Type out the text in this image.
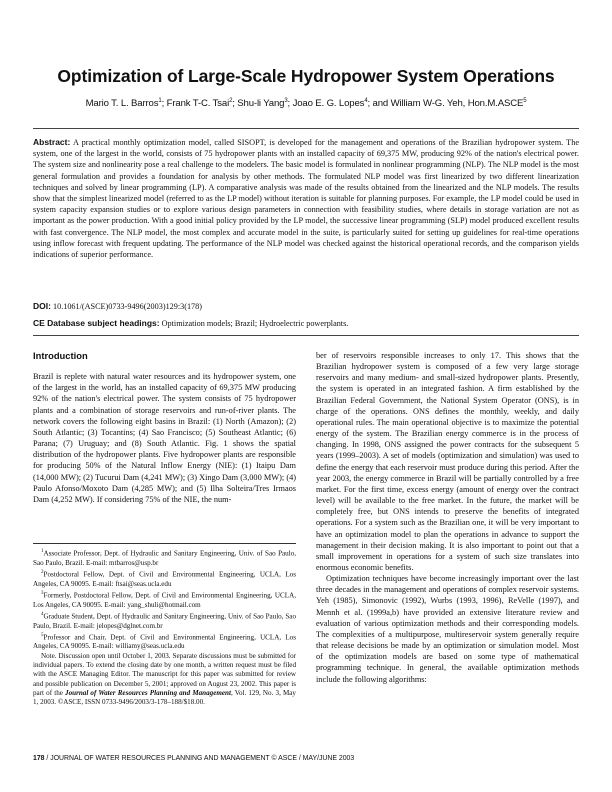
Optimization of Large-Scale Hydropower System Operations
Mario T. L. Barros$^1$; Frank T-C. Tsai$^2$; Shu-li Yang$^3$; Joao E. G. Lopes$^4$; and William W-G. Yeh, Hon.M.ASCE$^5$
Abstract: A practical monthly optimization model, called SISOPT, is developed for the management and operations of the Brazilian hydropower system. The system, one of the largest in the world, consists of 75 hydropower plants with an installed capacity of 69,375 MW, producing 92% of the nation's electrical power. The system size and nonlinearity pose a real challenge to the modelers. The basic model is formulated in nonlinear programming (NLP). The NLP model is the most general formulation and provides a foundation for analysis by other methods. The formulated NLP model was first linearized by two different linearization techniques and solved by linear programming (LP). A comparative analysis was made of the results obtained from the linearized and the NLP models. The results show that the simplest linearized model (referred to as the LP model) without iteration is suitable for planning purposes. For example, the LP model could be used in system capacity expansion studies or to explore various design parameters in connection with feasibility studies, where details in storage variation are not as important as the power production. With a good initial policy provided by the LP model, the successive linear programming (SLP) model produced excellent results with fast convergence. The NLP model, the most complex and accurate model in the suite, is particularly suited for setting up guidelines for real-time operations using inflow forecast with frequent updating. The performance of the NLP model was checked against the historical operational records, and the comparison yields indications of superior performance.
DOI: 10.1061/(ASCE)0733-9496(2003)129:3(178)
CE Database subject headings: Optimization models; Brazil; Hydroelectric powerplants.
Introduction

Brazil is replete with natural water resources and its hydropower system, one of the largest in the world, has an installed capacity of 69,375 MW producing 92% of the nation's electrical power. The system consists of 75 hydropower plants and a combination of storage reservoirs and run-of-river plants. The network covers the following eight basins in Brazil: (1) North (Amazon); (2) South Atlantic; (3) Tocantins; (4) Sao Francisco; (5) Southeast Atlantic; (6) Parana; (7) Uruguay; and (8) South Atlantic. Fig. 1 shows the spatial distribution of the hydropower plants. Five hydropower plants are responsible for producing 50% of the Natural Inflow Energy (NIE): (1) Itaipu Dam (14,000 MW); (2) Tucurui Dam (4,241 MW); (3) Xingo Dam (3,000 MW); (4) Paulo Afonso/Moxoto Dam (4,285 MW); and (5) Ilha Solteira/Tres Irmaos Dam (4,252 MW). If considering 75% of the NIE, the num-

$^1$Associate Professor, Dept. of Hydraulic and Sanitary Engineering, Univ. of Sao Paulo, Sao Paulo, Brazil. E-mail: mtbarros@usp.br

$^2$Postdoctoral Fellow, Dept. of Civil and Environmental Engineering, UCLA, Los Angeles, CA 90095. E-mail: ftsai@seas.ucla.edu

$^3$Formerly, Postdoctoral Fellow, Dept. of Civil and Environmental Engineering, UCLA, Los Angeles, CA 90095. E-mail: yang_shuli@hotmail.com

$^4$Graduate Student, Dept. of Hydraulic and Sanitary Engineering, Univ. of Sao Paulo, Sao Paulo, Brazil. E-mail: jelopes@dglnet.com.br

$^5$Professor and Chair, Dept. of Civil and Environmental Engineering, UCLA, Los Angeles, CA 90095. E-mail: williamy@seas.ucla.edu

Note. Discussion open until October 1, 2003. Separate discussions must be submitted for individual papers. To extend the closing date by one month, a written request must be filed with the ASCE Managing Editor. The manuscript for this paper was submitted for review and possible publication on December 5, 2001; approved on August 23, 2002. This paper is part of the Journal of Water Resources Planning and Management, Vol. 129, No. 3, May 1, 2003. ©ASCE, ISSN 0733-9496/2003/3-178–188/$18.00.

ber of reservoirs responsible increases to only 17. This shows that the Brazilian hydropower system is composed of a few very large storage reservoirs and many medium- and small-sized hydropower plants. Presently, the system is operated in an integrated fashion. A firm established by the Brazilian Federal Government, the National System Operator (ONS), is in charge of the operations. ONS defines the monthly, weekly, and daily operational rules. The main operational objective is to maximize the potential energy of the system. The Brazilian energy commerce is in the process of changing. In 1998, ONS assigned the power contracts for the subsequent 5 years (1999–2003). A set of models (optimization and simulation) was used to define the energy that each reservoir must produce during this period. After the year 2003, the energy commerce in Brazil will be partially controlled by a free market. For the first time, excess energy (amount of energy over the contract level) will be available to the free market. In the future, the market will be completely free, but ONS intends to preserve the benefits of integrated operations. For a system such as the Brazilian one, it will be very important to have an optimization model to plan the operations in advance to support the management in their decision making. It is also important to point out that a small improvement in operations for a system of such size translates into enormous economic benefits.

Optimization techniques have become increasingly important over the last three decades in the management and operations of complex reservoir systems. Yeh (1985), Simonovic (1992), Wurbs (1993, 1996), ReVelle (1997), and Mennh et al. (1999a,b) have provided an extensive literature review and evaluation of various optimization methods and their corresponding models. The complexities of a multipurpose, multireservoir system generally require that release decisions be made by an optimization or simulation model. Most of the optimization models are based on some type of mathematical programming technique. In general, the available optimization methods include the following algorithms:

178 / JOURNAL OF WATER RESOURCES PLANNING AND MANAGEMENT © ASCE / MAY/JUNE 2003
